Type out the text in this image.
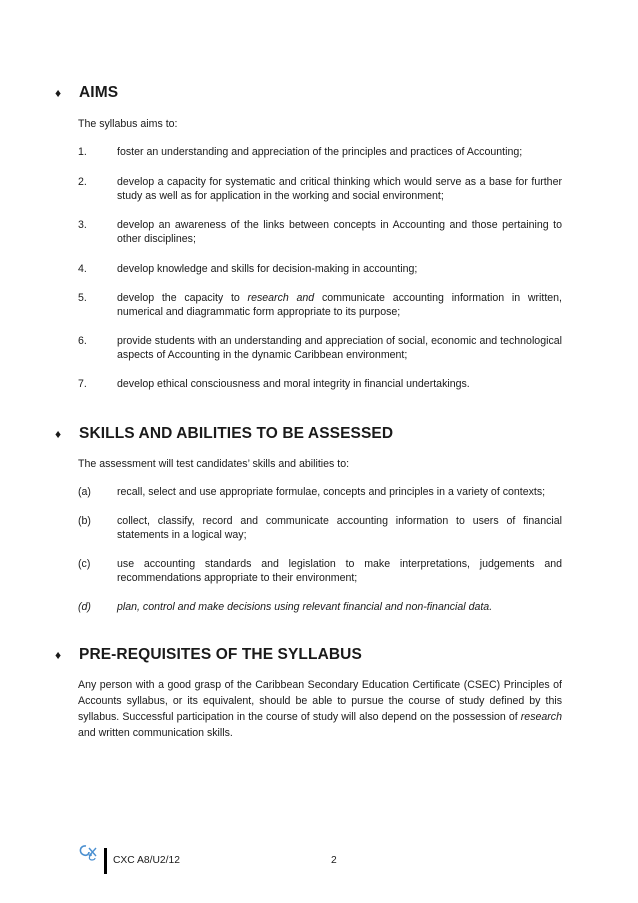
♦	AIMS
The syllabus aims to:
1.	foster an understanding and appreciation of the principles and practices of Accounting;
2.	develop a capacity for systematic and critical thinking which would serve as a base for further study as well as for application in the working and social environment;
3.	develop an awareness of the links between concepts in Accounting and those pertaining to other disciplines;
4.	develop knowledge and skills for decision-making in accounting;
5.	develop the capacity to research and communicate accounting information in written, numerical and diagrammatic form appropriate to its purpose;
6.	provide students with an understanding and appreciation of social, economic and technological aspects of Accounting in the dynamic Caribbean environment;
7.	develop ethical consciousness and moral integrity in financial undertakings.
♦	SKILLS AND ABILITIES TO BE ASSESSED
The assessment will test candidates’ skills and abilities to:
(a) recall, select and use appropriate formulae, concepts and principles in a variety of contexts;
(b) collect, classify, record and communicate accounting information to users of financial statements in a logical way;
(c)	use accounting standards and legislation to make interpretations, judgements and recommendations appropriate to their environment;
(d) plan, control and make decisions using relevant financial and non-financial data.
♦	PRE-REQUISITES OF THE SYLLABUS
Any person with a good grasp of the Caribbean Secondary Education Certificate (CSEC) Principles of Accounts syllabus, or its equivalent, should be able to pursue the course of study defined by this syllabus. Successful participation in the course of study will also depend on the possession of research and written communication skills.
CXC A8/U2/12	2
